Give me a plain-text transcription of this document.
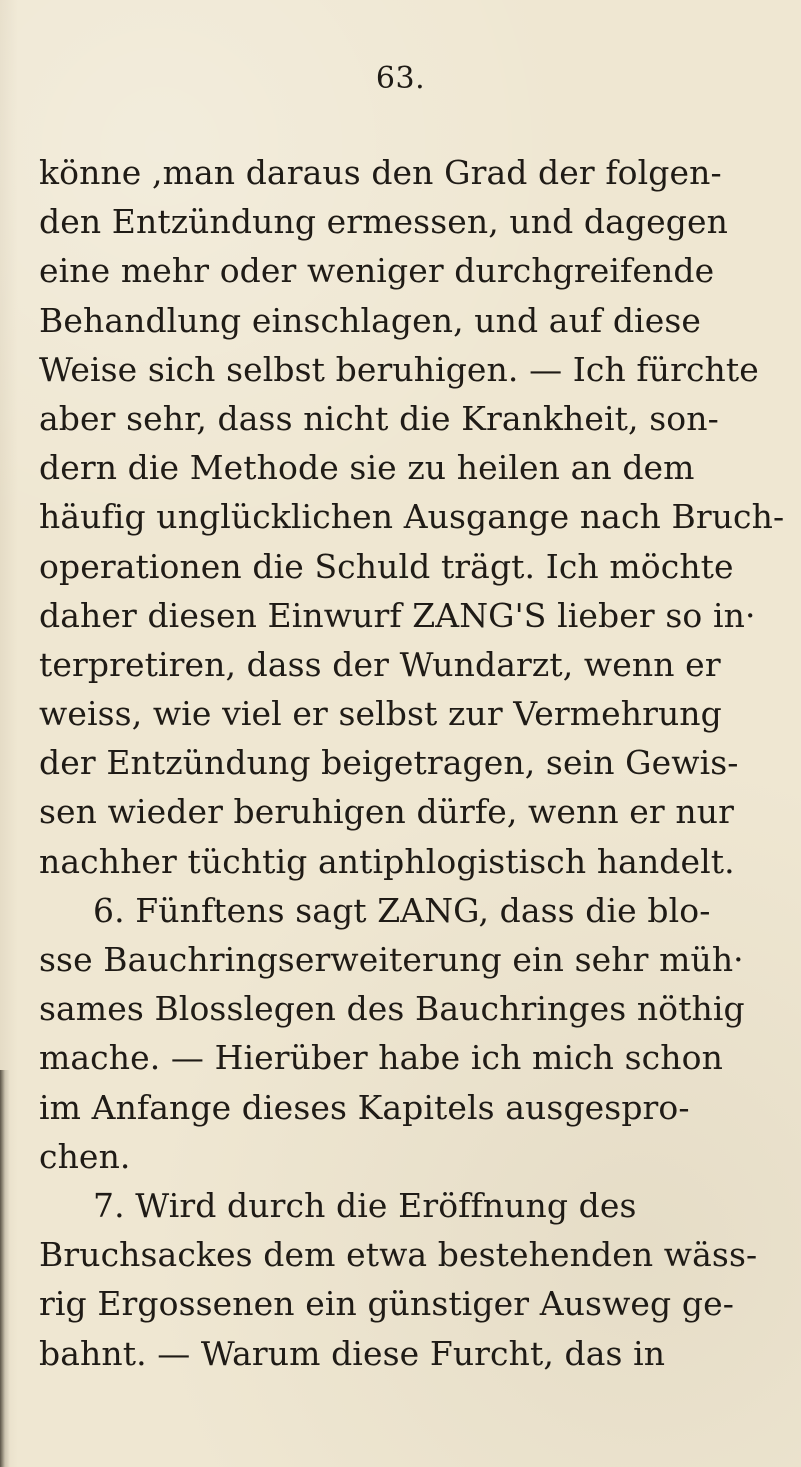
63.
könne ,man daraus den Grad der folgen-
den Entzündung ermessen, und dagegen
eine mehr oder weniger durchgreifende
Behandlung einschlagen, und auf diese
Weise sich selbst beruhigen. — Ich fürchte
aber sehr, dass nicht die Krankheit, son-
dern die Methode sie zu heilen an dem
häufig unglücklichen Ausgange nach Bruch-
operationen die Schuld trägt. Ich möchte
daher diesen Einwurf ZANG'S lieber so in·
terpretiren, dass der Wundarzt, wenn er
weiss, wie viel er selbst zur Vermehrung
der Entzündung beigetragen, sein Gewis-
sen wieder beruhigen dürfe, wenn er nur
nachher tüchtig antiphlogistisch handelt.
6. Fünftens sagt ZANG, dass die blo-
sse Bauchringserweiterung ein sehr müh·
sames Blosslegen des Bauchringes nöthig
mache. — Hierüber habe ich mich schon
im Anfange dieses Kapitels ausgespro-
chen.
7. Wird durch die Eröffnung des
Bruchsackes dem etwa bestehenden wäss-
rig Ergossenen ein günstiger Ausweg ge-
bahnt. — Warum diese Furcht, das in
